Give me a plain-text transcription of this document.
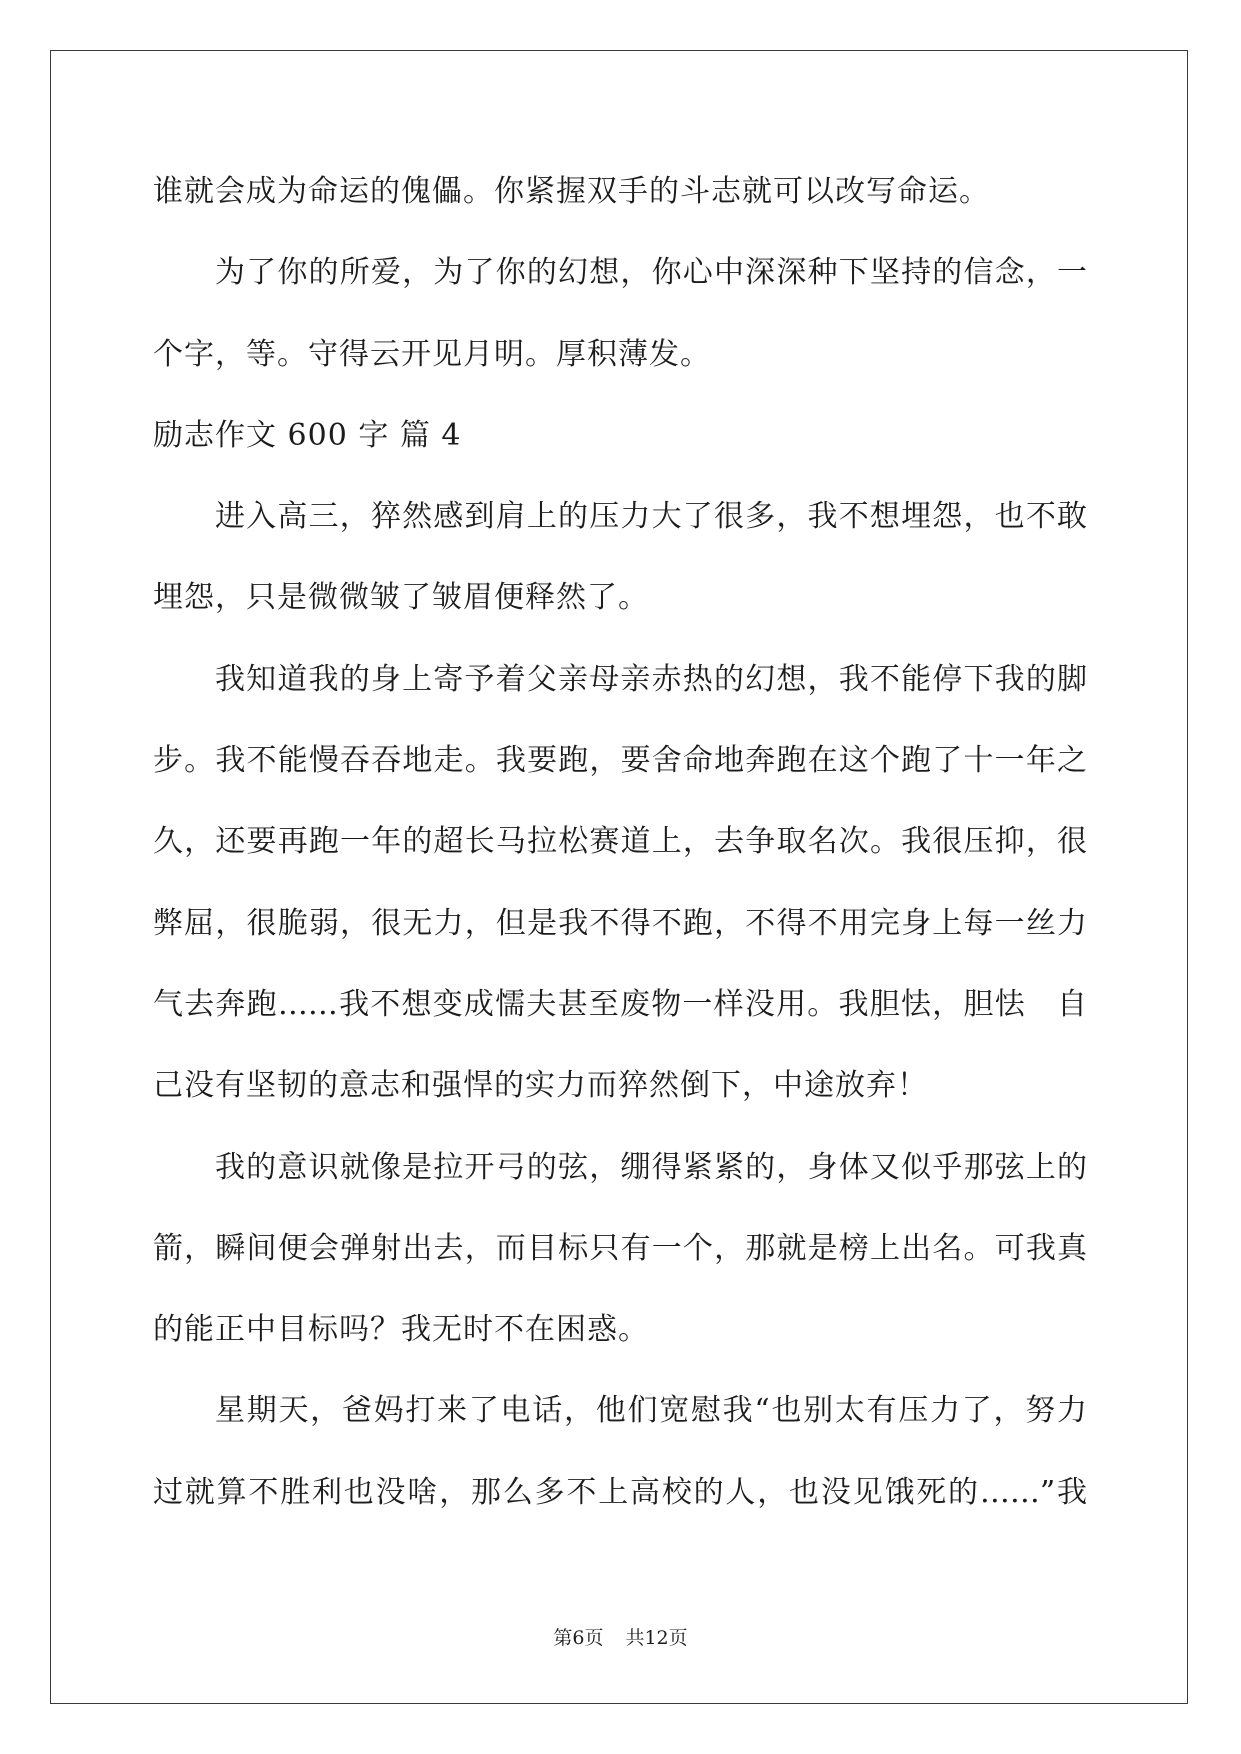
谁就会成为命运的傀儡。你紧握双手的斗志就可以改写命运。
为了你的所爱，为了你的幻想，你心中深深种下坚持的信念，一
个字，等。守得云开见月明。厚积薄发。
励志作文 600 字 篇 4
进入高三，猝然感到肩上的压力大了很多，我不想埋怨，也不敢
埋怨，只是微微皱了皱眉便释然了。
我知道我的身上寄予着父亲母亲赤热的幻想，我不能停下我的脚
步。我不能慢吞吞地走。我要跑，要舍命地奔跑在这个跑了十一年之
久，还要再跑一年的超长马拉松赛道上，去争取名次。我很压抑，很
弊屈，很脆弱，很无力，但是我不得不跑，不得不用完身上每一丝力
气去奔跑……我不想变成懦夫甚至废物一样没用。我胆怯，胆怯　自
己没有坚韧的意志和强悍的实力而猝然倒下，中途放弃！
我的意识就像是拉开弓的弦，绷得紧紧的，身体又似乎那弦上的
箭，瞬间便会弹射出去，而目标只有一个，那就是榜上出名。可我真
的能正中目标吗？我无时不在困惑。
星期天，爸妈打来了电话，他们宽慰我“也别太有压力了，努力
过就算不胜利也没啥，那么多不上高校的人，也没见饿死的……”我
第6页 共12页
